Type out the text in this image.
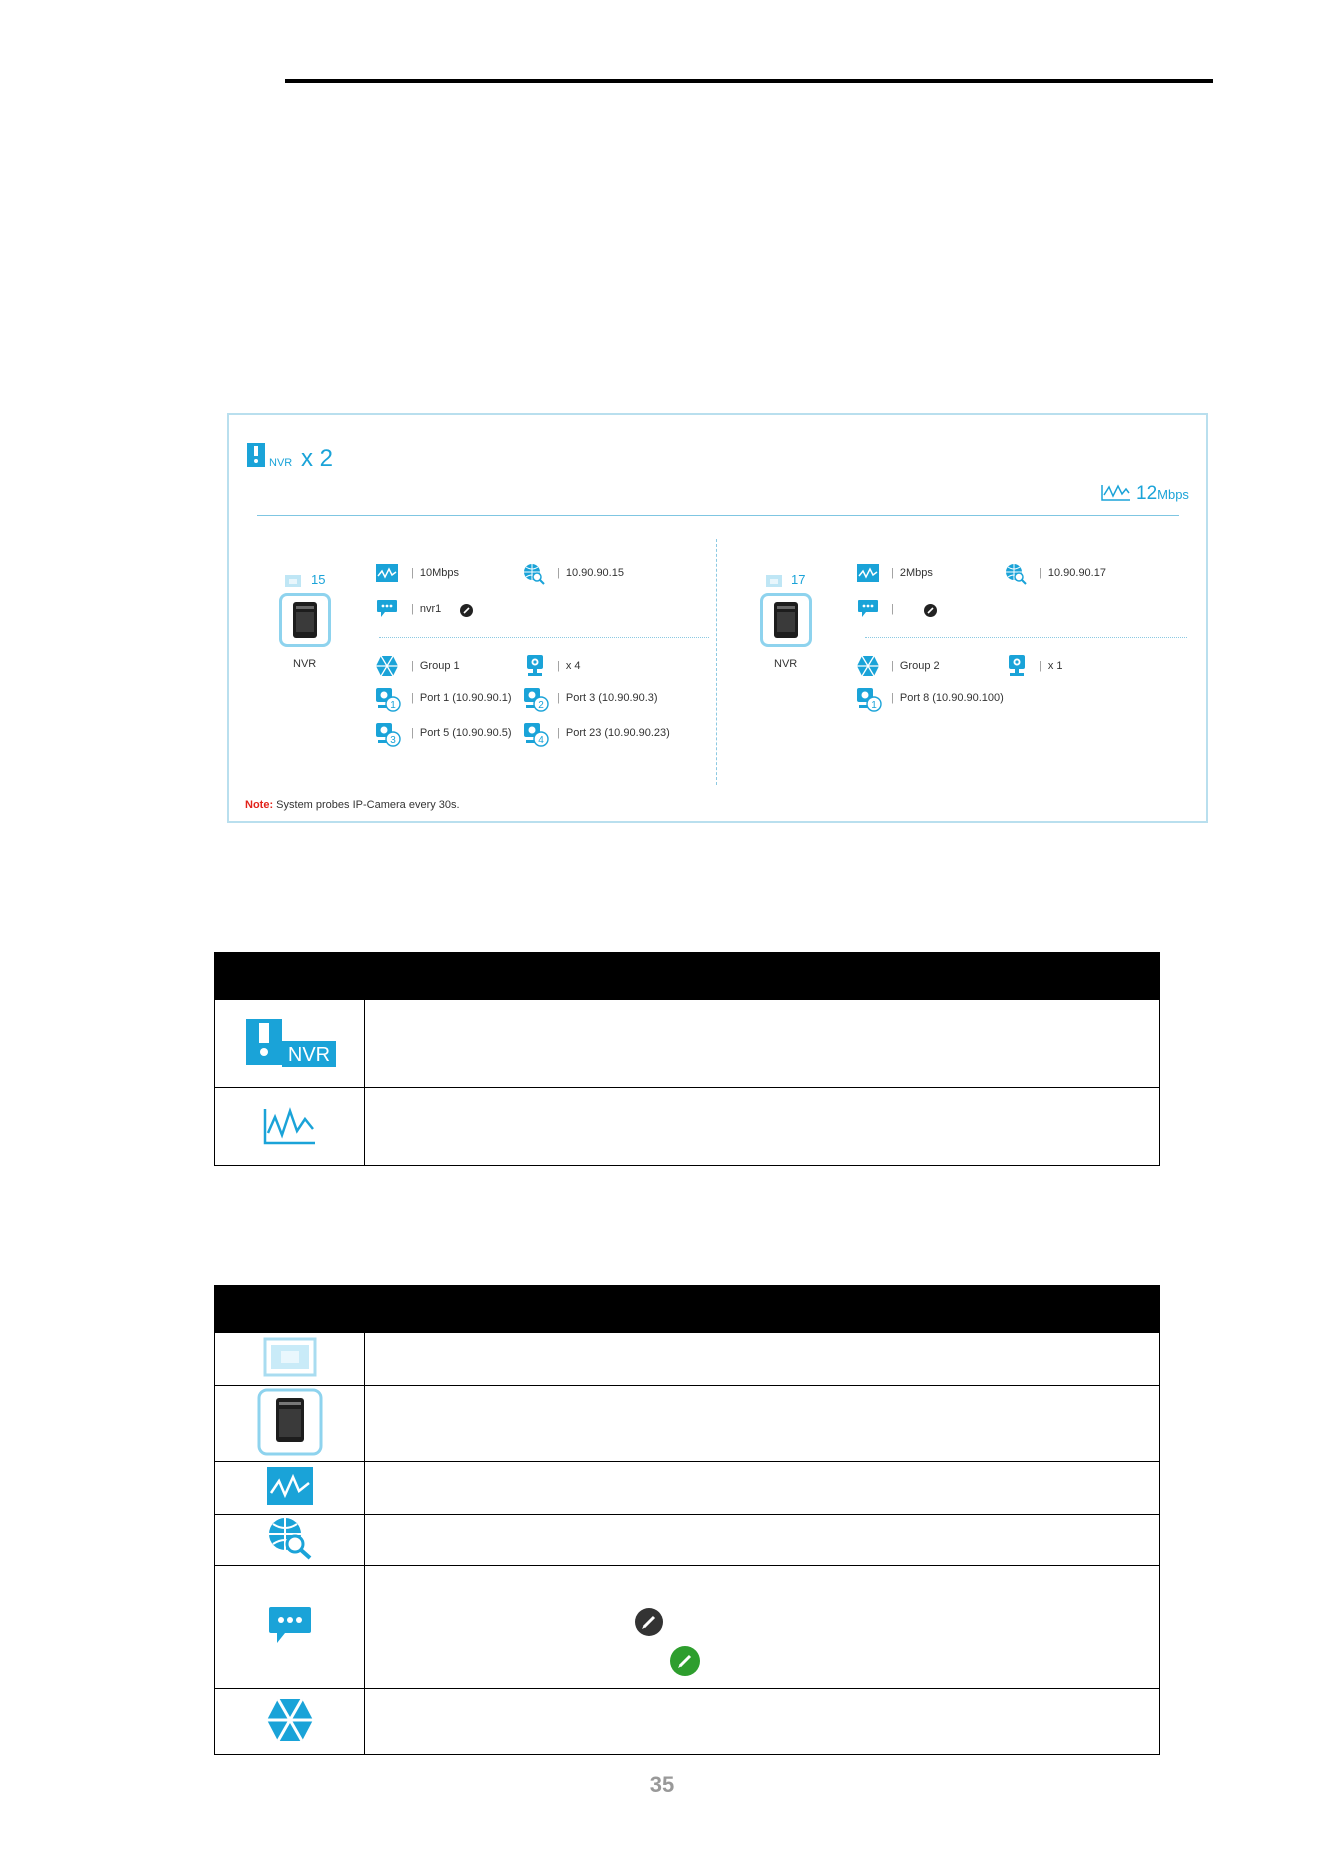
NVR x 2
12Mbps
15
NVR
| 10Mbps	| 10.90.90.15
| nvr1

| Group 1	| x 4
1
| Port 1 (10.90.90.1)
2
| Port 3 (10.90.90.3)
3
| Port 5 (10.90.90.5)
4
| Port 23 (10.90.90.23)
17
NVR
| 2Mbps	| 10.90.90.17
|
| Group 2	| x 1
1
| Port 8 (10.90.90.100)
Note: System probes IP-Camera every 30s.

NVR	

35
